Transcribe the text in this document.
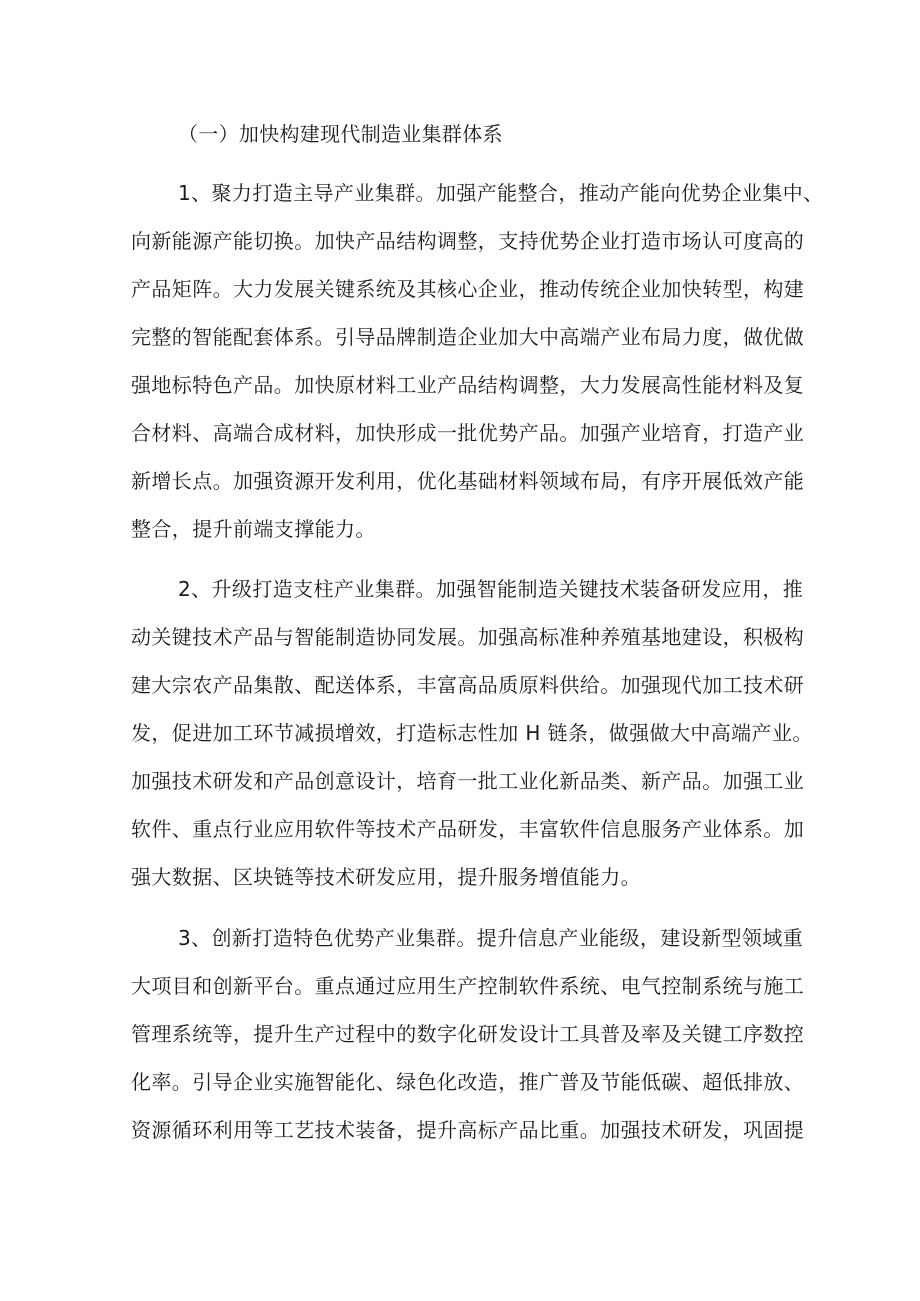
（一）加快构建现代制造业集群体系
1、聚力打造主导产业集群。加强产能整合，推动产能向优势企业集中、
向新能源产能切换。加快产品结构调整，支持优势企业打造市场认可度高的
产品矩阵。大力发展关键系统及其核心企业，推动传统企业加快转型，构建
完整的智能配套体系。引导品牌制造企业加大中高端产业布局力度，做优做
强地标特色产品。加快原材料工业产品结构调整，大力发展高性能材料及复
合材料、高端合成材料，加快形成一批优势产品。加强产业培育，打造产业
新增长点。加强资源开发利用，优化基础材料领域布局，有序开展低效产能
整合，提升前端支撑能力。
2、升级打造支柱产业集群。加强智能制造关键技术装备研发应用，推
动关键技术产品与智能制造协同发展。加强高标准种养殖基地建设，积极构
建大宗农产品集散、配送体系，丰富高品质原料供给。加强现代加工技术研
发，促进加工环节减损增效，打造标志性加 H 链条，做强做大中高端产业。
加强技术研发和产品创意设计，培育一批工业化新品类、新产品。加强工业
软件、重点行业应用软件等技术产品研发，丰富软件信息服务产业体系。加
强大数据、区块链等技术研发应用，提升服务增值能力。
3、创新打造特色优势产业集群。提升信息产业能级，建设新型领域重
大项目和创新平台。重点通过应用生产控制软件系统、电气控制系统与施工
管理系统等，提升生产过程中的数字化研发设计工具普及率及关键工序数控
化率。引导企业实施智能化、绿色化改造，推广普及节能低碳、超低排放、
资源循环利用等工艺技术装备，提升高标产品比重。加强技术研发，巩固提
